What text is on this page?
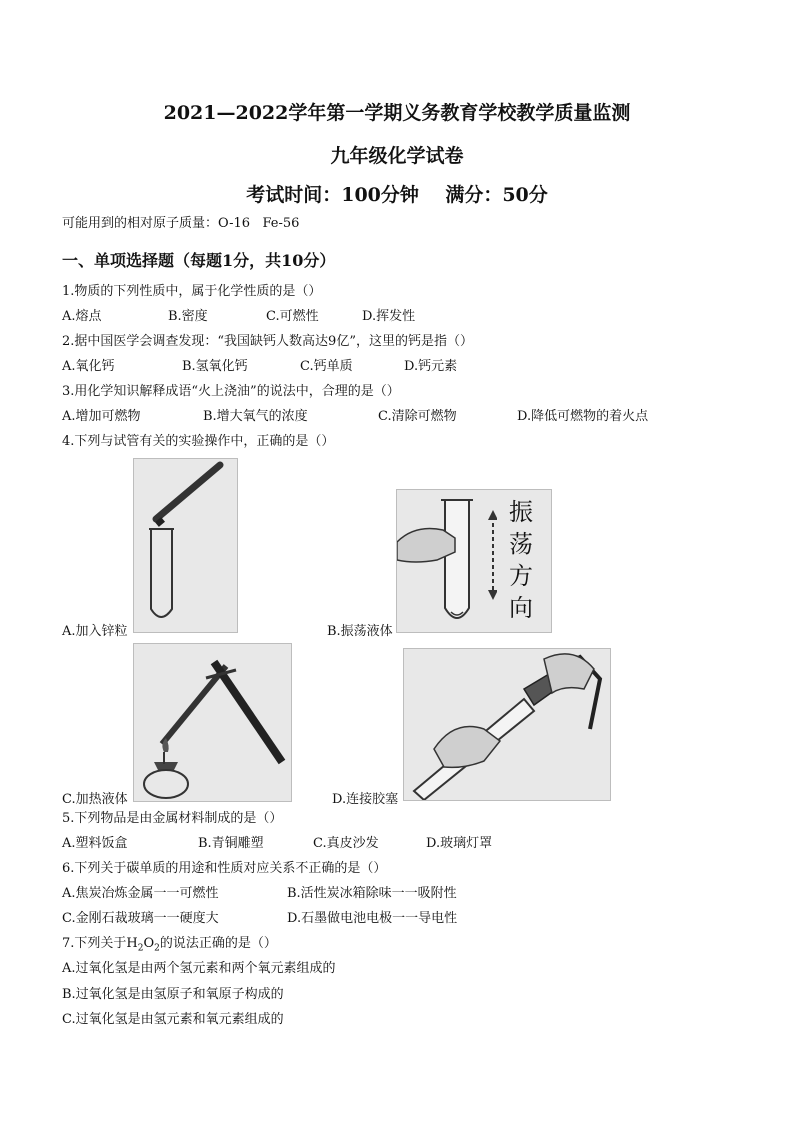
2021—2022学年第一学期义务教育学校教学质量监测
九年级化学试卷
考试时间：100分钟    满分：50分
可能用到的相对原子质量：O-16   Fe-56
一、单项选择题（每题1分，共10分）
1.物质的下列性质中，属于化学性质的是（）
A.熔点	B.密度	C.可燃性	D.挥发性
2.据中国医学会调查发现：“我国缺钙人数高达9亿”，这里的钙是指（）
A.氧化钙	B.氢氧化钙	C.钙单质	D.钙元素
3.用化学知识解释成语“火上浇油”的说法中，合理的是（）
A.增加可燃物	B.增大氧气的浓度	C.清除可燃物	D.降低可燃物的着火点
4.下列与试管有关的实验操作中，正确的是（）
A.加入锌粒
振
荡
方
向
B.振荡液体
C.加热液体	D.连接胶塞
5.下列物品是由金属材料制成的是（）
A.塑料饭盒	B.青铜雕塑	C.真皮沙发	D.玻璃灯罩
6.下列关于碳单质的用途和性质对应关系不正确的是（）
A.焦炭冶炼金属一一可燃性	B.活性炭冰箱除味一一吸附性
C.金刚石裁玻璃一一硬度大	D.石墨做电池电极一一导电性
7.下列关于$H_2O_2$的说法正确的是（）
A.过氧化氢是由两个氢元素和两个氧元素组成的
B.过氧化氢是由氢原子和氧原子构成的
C.过氧化氢是由氢元素和氧元素组成的
